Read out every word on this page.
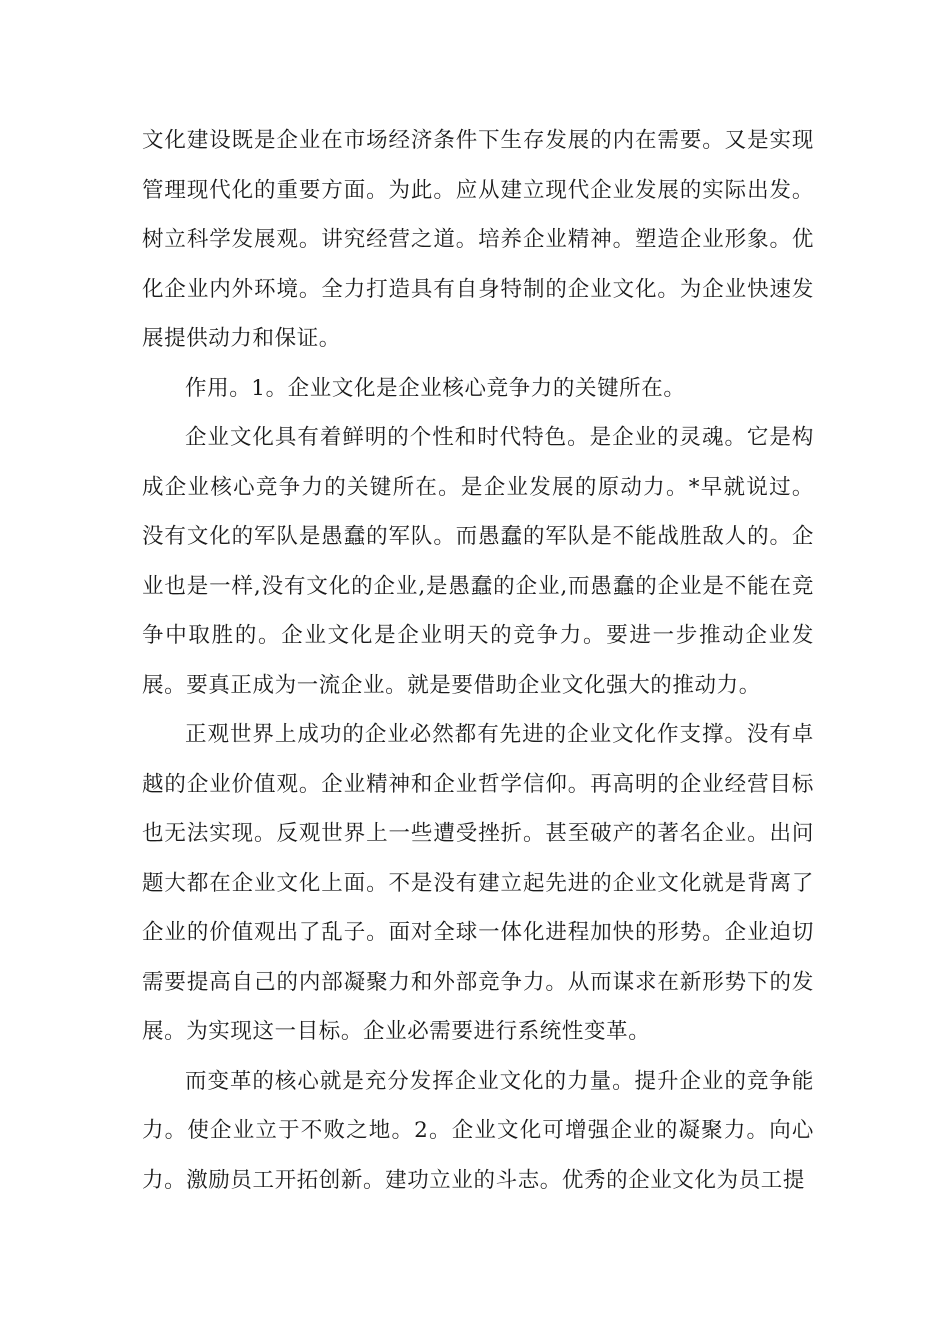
文化建设既是企业在市场经济条件下生存发展的内在需要。又是实现管理现代化的重要方面。为此。应从建立现代企业发展的实际出发。树立科学发展观。讲究经营之道。培养企业精神。塑造企业形象。优化企业内外环境。全力打造具有自身特制的企业文化。为企业快速发展提供动力和保证。

作用。1。企业文化是企业核心竞争力的关键所在。

企业文化具有着鲜明的个性和时代特色。是企业的灵魂。它是构成企业核心竞争力的关键所在。是企业发展的原动力。*早就说过。没有文化的军队是愚蠢的军队。而愚蠢的军队是不能战胜敌人的。企业也是一样,没有文化的企业,是愚蠢的企业,而愚蠢的企业是不能在竞争中取胜的。企业文化是企业明天的竞争力。要进一步推动企业发展。要真正成为一流企业。就是要借助企业文化强大的推动力。

正观世界上成功的企业必然都有先进的企业文化作支撑。没有卓越的企业价值观。企业精神和企业哲学信仰。再高明的企业经营目标也无法实现。反观世界上一些遭受挫折。甚至破产的著名企业。出问题大都在企业文化上面。不是没有建立起先进的企业文化就是背离了企业的价值观出了乱子。面对全球一体化进程加快的形势。企业迫切需要提高自己的内部凝聚力和外部竞争力。从而谋求在新形势下的发展。为实现这一目标。企业必需要进行系统性变革。

而变革的核心就是充分发挥企业文化的力量。提升企业的竞争能力。使企业立于不败之地。2。企业文化可增强企业的凝聚力。向心力。激励员工开拓创新。建功立业的斗志。优秀的企业文化为员工提
